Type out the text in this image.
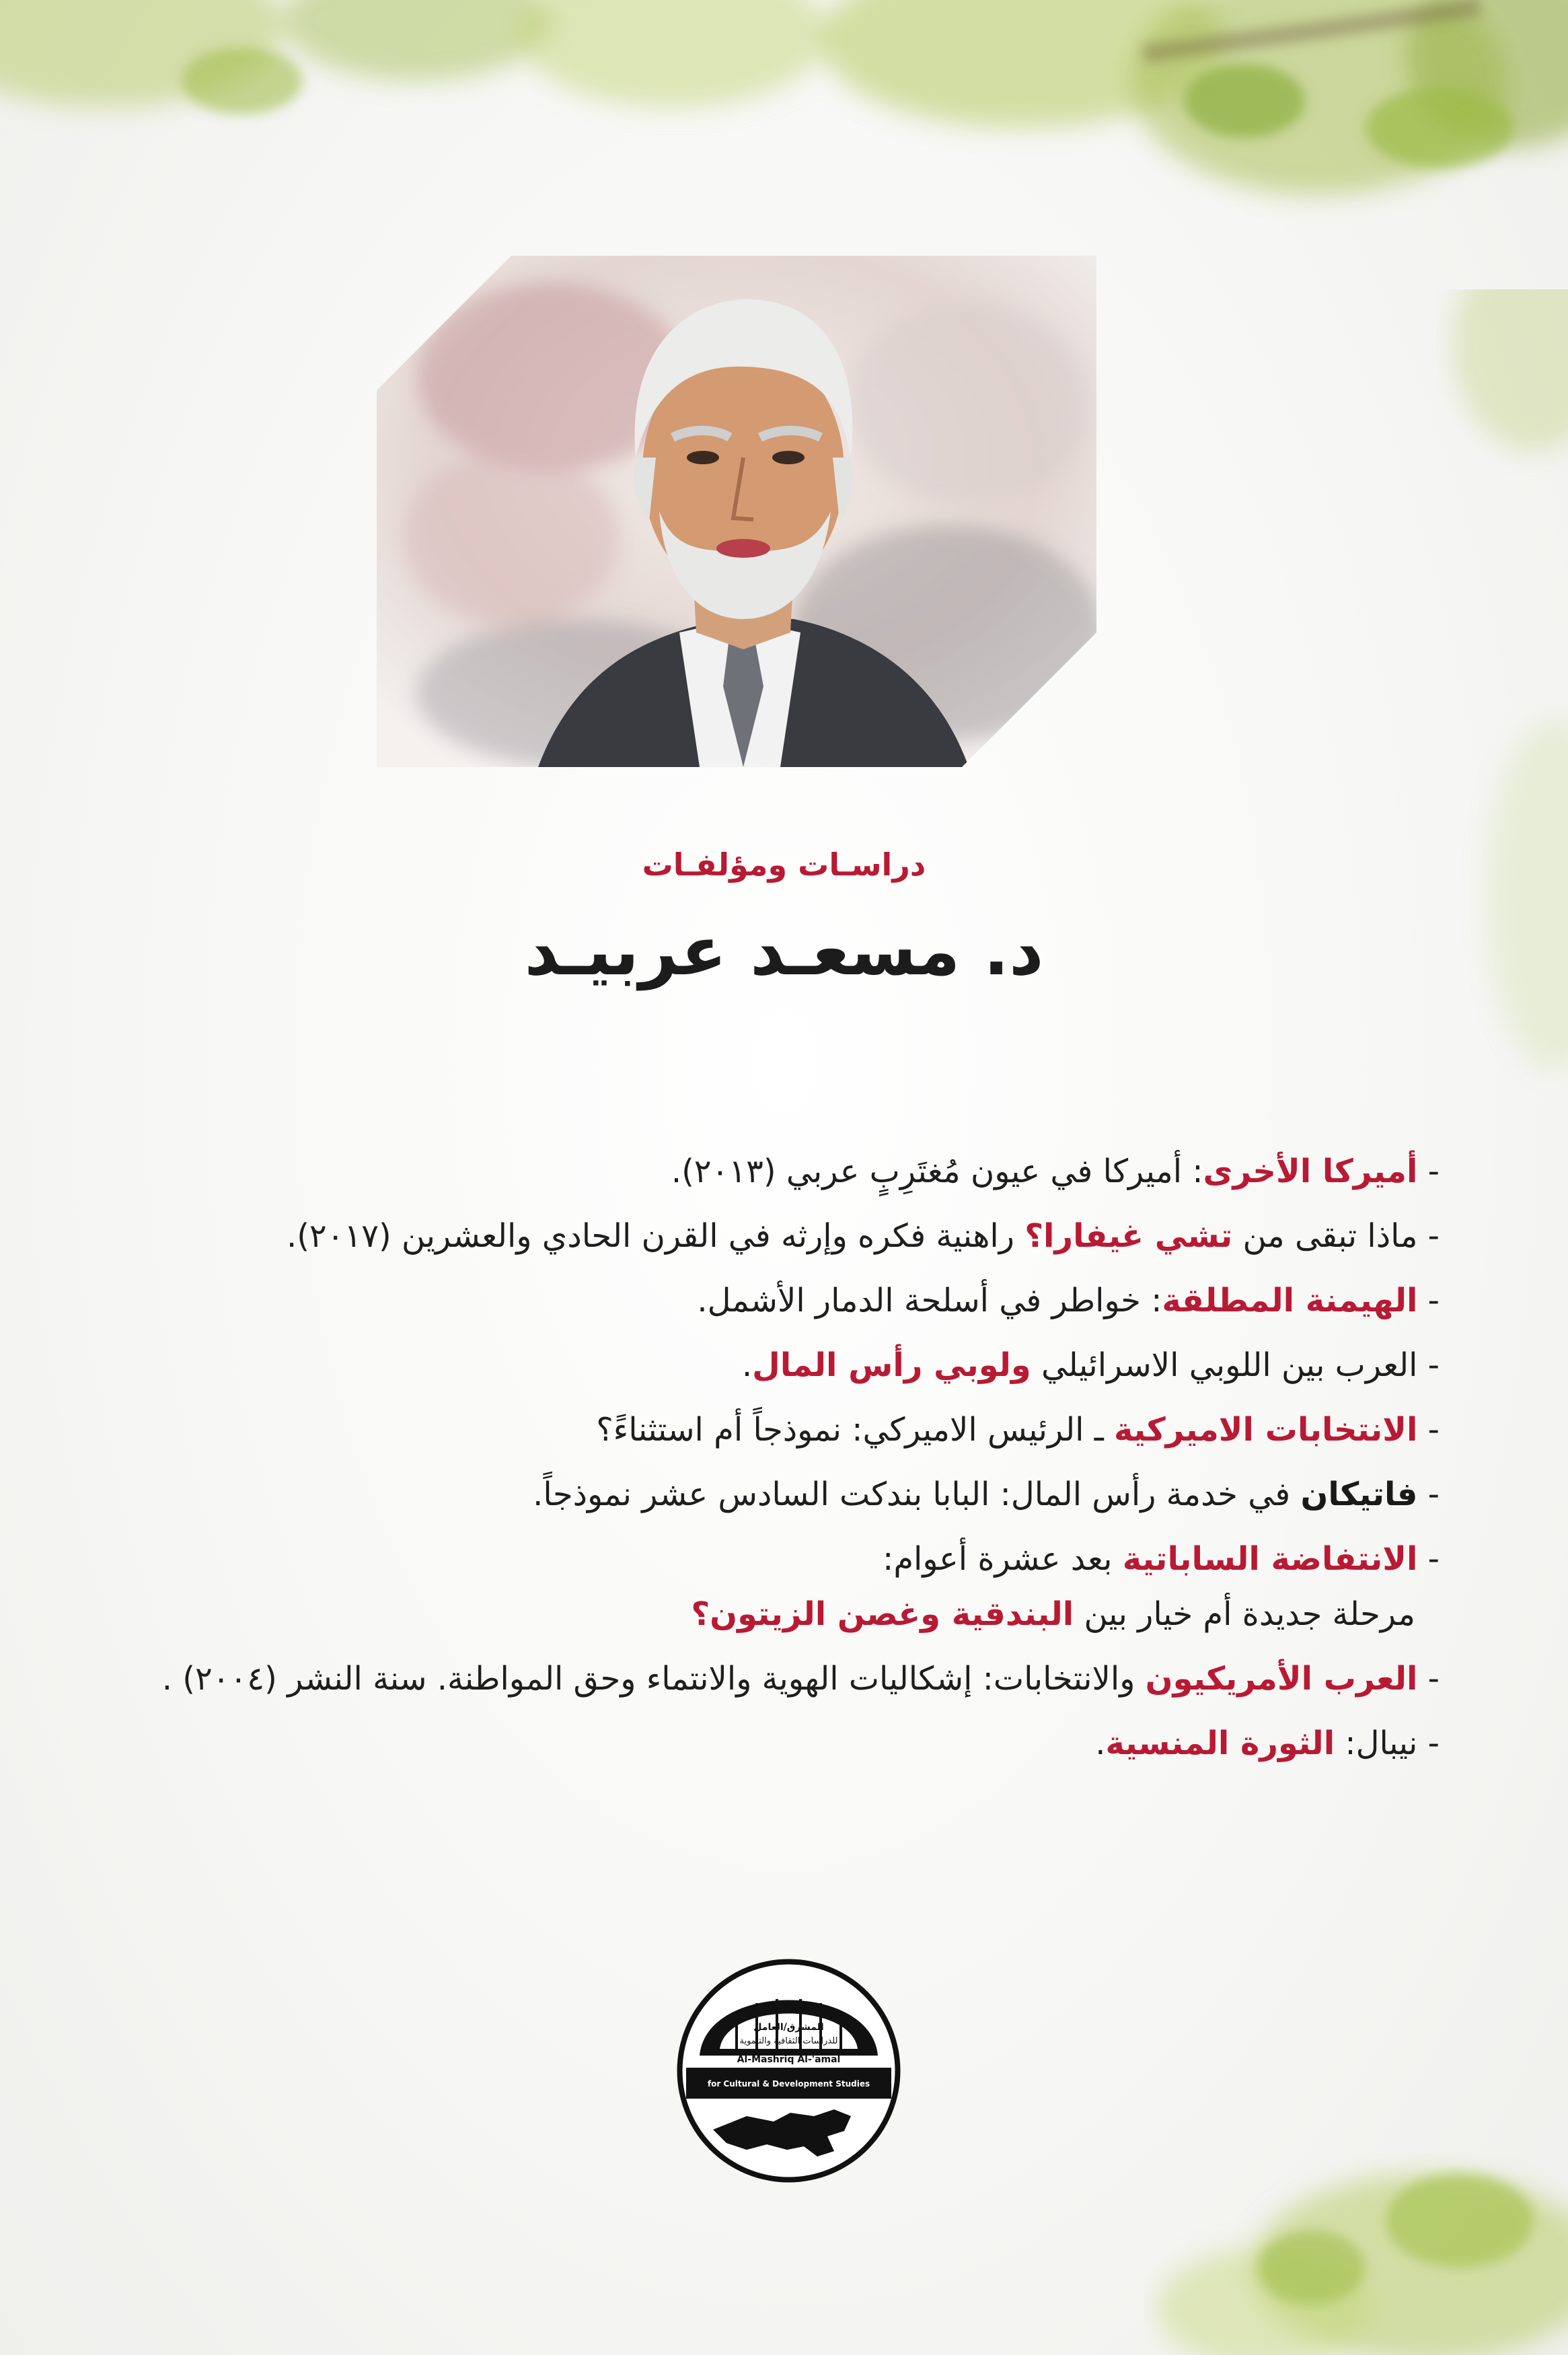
دراسـات ومؤلفـات
د. مسعـد عربيـد
- أميركا الأخرى: أميركا في عيون مُغتَرِبٍ عربي (٢٠١٣).
- ماذا تبقى من تشي غيفارا؟ راهنية فكره وإرثه في القرن الحادي والعشرين (٢٠١٧).
- الهيمنة المطلقة: خواطر في أسلحة الدمار الأشمل.
- العرب بين اللوبي الاسرائيلي ولوبي رأس المال.
- الانتخابات الاميركية ـ الرئيس الاميركي: نموذجاً أم استثناءً؟
- فاتيكان في خدمة رأس المال: البابا بندكت السادس عشر نموذجاً.
- الانتفاضة الساباتية بعد عشرة أعوام:
مرحلة جديدة أم خيار بين البندقية وغصن الزيتون؟
- العرب الأمريكيون والانتخابات: إشكاليات الهوية والانتماء وحق المواطنة. سنة النشر (٢٠٠٤) .
- نيبال: الثورة المنسية.
المشرق/العامل
للدراسات الثقافية والتنموية
Al-Mashriq Al-'amal
for Cultural & Development Studies
